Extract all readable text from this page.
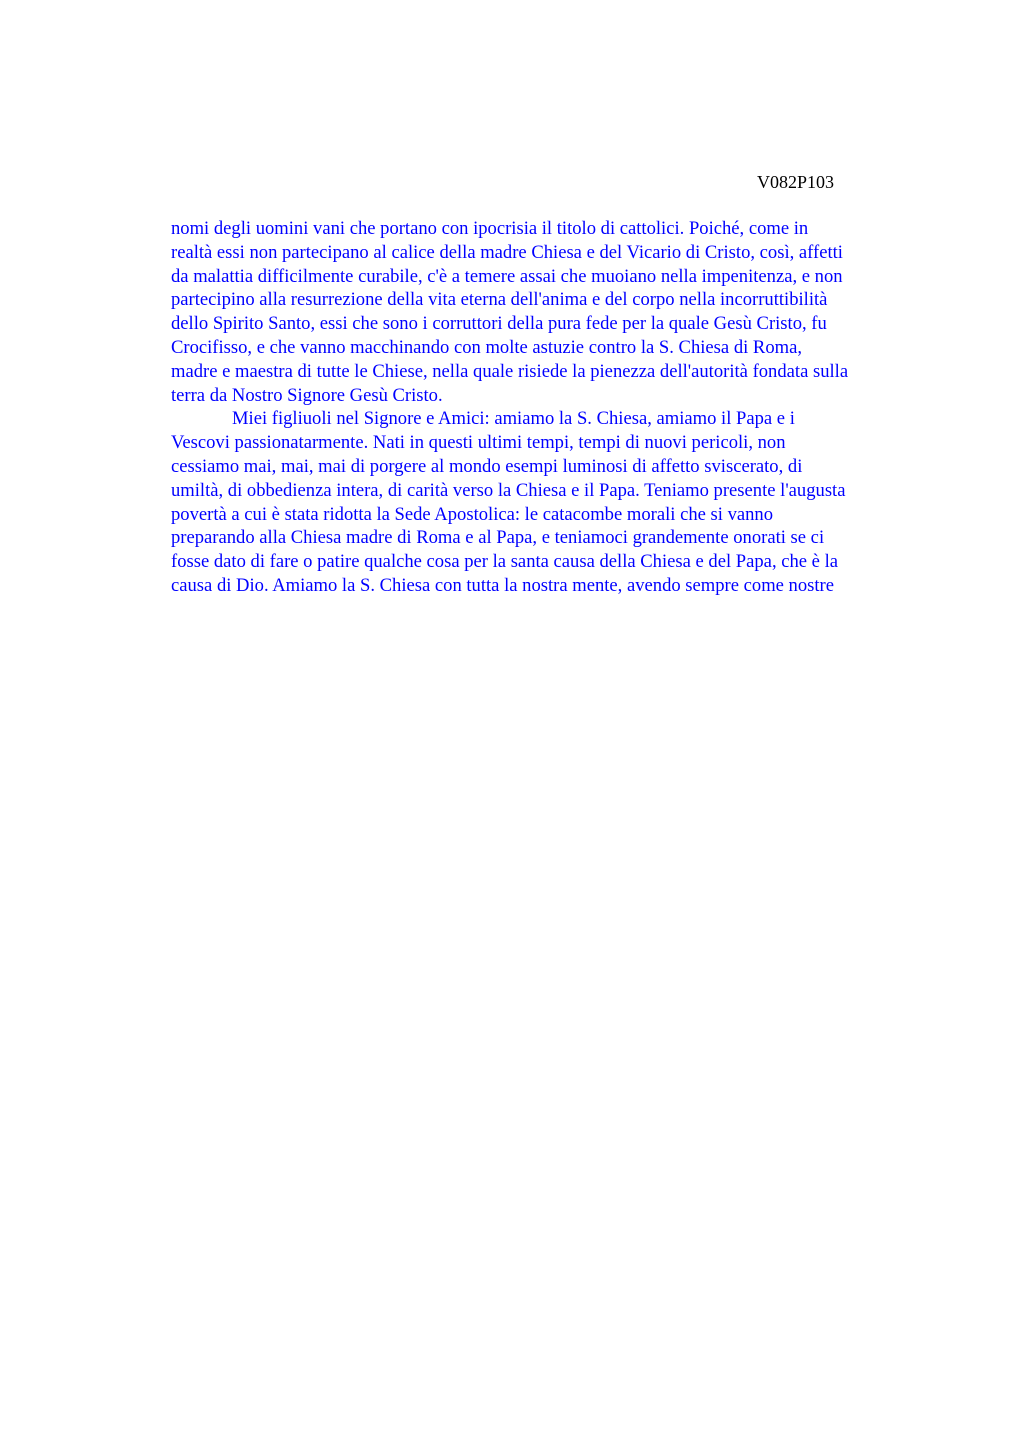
V082P103
nomi degli uomini vani che portano con ipocrisia il titolo di cattolici. Poiché, come in
realtà essi non partecipano al calice della madre Chiesa e del Vicario di Cristo, così, affetti
da malattia difficilmente curabile, c'è a temere assai che muoiano nella impenitenza, e non
partecipino alla resurrezione della vita eterna dell'anima e del corpo nella incorruttibilità
dello Spirito Santo, essi che sono i corruttori della pura fede per la quale Gesù Cristo, fu
Crocifisso, e che vanno macchinando con molte astuzie contro la S. Chiesa di Roma,
madre e maestra di tutte le Chiese, nella quale risiede la pienezza dell'autorità fondata sulla
terra da Nostro Signore Gesù Cristo.
Miei figliuoli nel Signore e Amici: amiamo la S. Chiesa, amiamo il Papa e i
Vescovi passionatarmente. Nati in questi ultimi tempi, tempi di nuovi pericoli, non
cessiamo mai, mai, mai di porgere al mondo esempi luminosi di affetto sviscerato, di
umiltà, di obbedienza intera, di carità verso la Chiesa e il Papa. Teniamo presente l'augusta
povertà a cui è stata ridotta la Sede Apostolica: le catacombe morali che si vanno
preparando alla Chiesa madre di Roma e al Papa, e teniamoci grandemente onorati se ci
fosse dato di fare o patire qualche cosa per la santa causa della Chiesa e del Papa, che è la
causa di Dio. Amiamo la S. Chiesa con tutta la nostra mente, avendo sempre come nostre
